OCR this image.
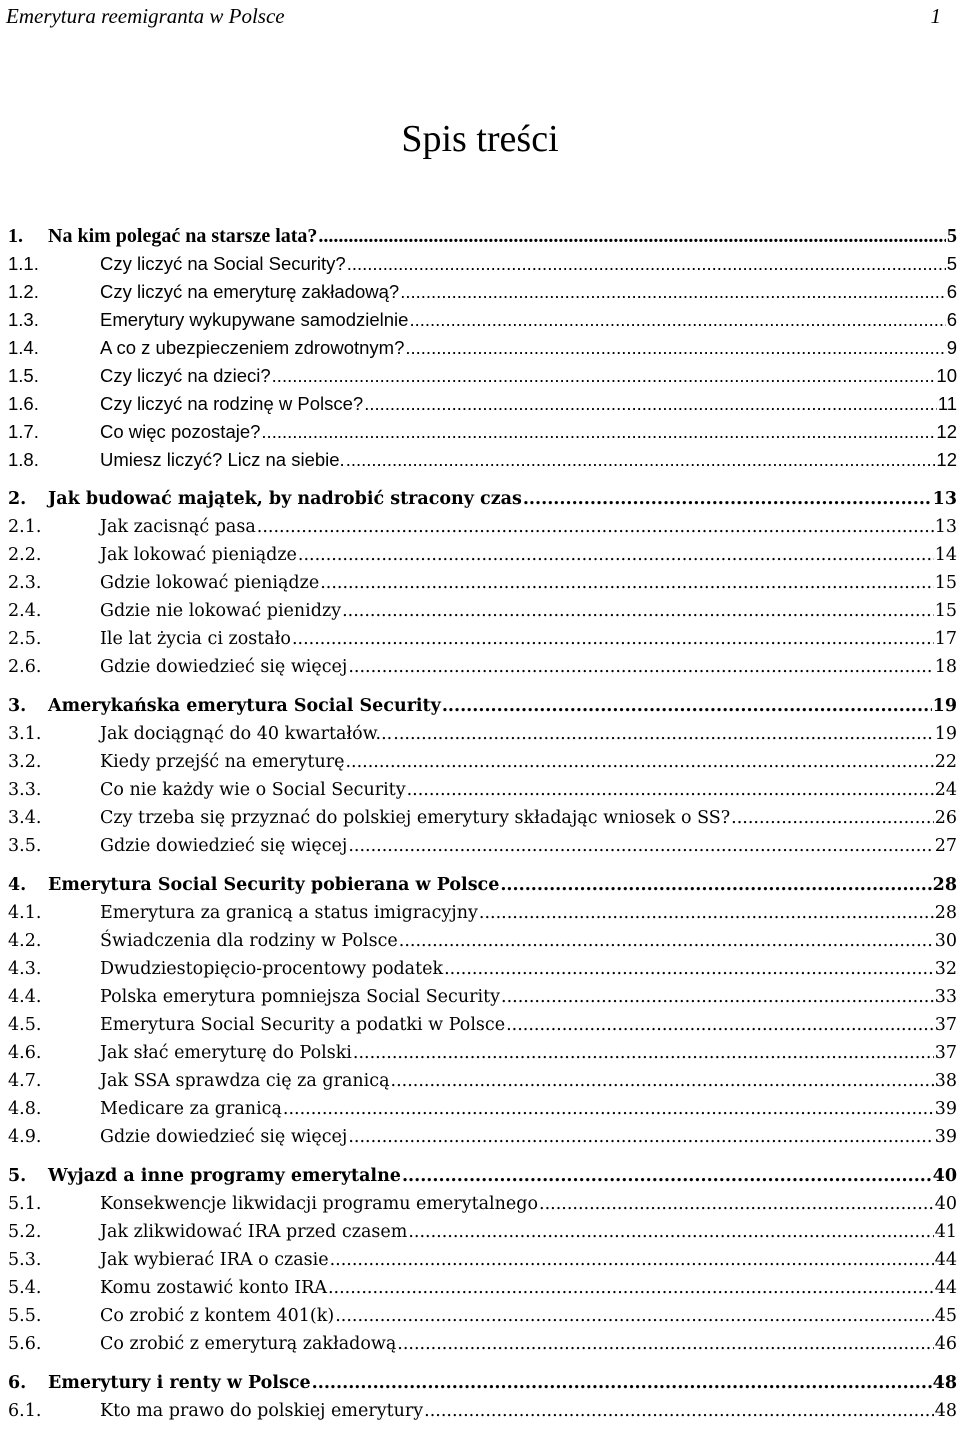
Emerytura reemigranta w Polsce	1
Spis treści
1. Na kim polegać na starsze lata? .....	5
1.1.	Czy liczyć na Social Security? .....	5
1.2.	Czy liczyć na emeryturę zakładową? .....	6
1.3.	Emerytury wykupywane samodzielnie .....	6
1.4.	A co z ubezpieczeniem zdrowotnym? .....	9
1.5.	Czy liczyć na dzieci? .....	10
1.6.	Czy liczyć na rodzinę w Polsce? .....	11
1.7.	Co więc pozostaje? .....	12
1.8.	Umiesz liczyć? Licz na siebie. .....	12
2. Jak budować majątek, by nadrobić stracony czas .....	13
2.1.	Jak zacisnąć pasa .....	13
2.2.	Jak lokować pieniądze .....	14
2.3.	Gdzie lokować pieniądze .....	15
2.4.	Gdzie nie lokować pienidzy .....	15
2.5.	Ile lat życia ci zostało .....	17
2.6.	Gdzie dowiedzieć się więcej .....	18
3. Amerykańska emerytura Social Security .....	19
3.1.	Jak dociągnąć do 40 kwartałów... .....	19
3.2.	Kiedy przejść na emeryturę .....	22
3.3.	Co nie każdy wie o Social Security .....	24
3.4.	Czy trzeba się przyznać do polskiej emerytury składając wniosek o SS? .....	26
3.5.	Gdzie dowiedzieć się więcej .....	27
4. Emerytura Social Security pobierana w Polsce .....	28
4.1.	Emerytura za granicą a status imigracyjny .....	28
4.2.	Świadczenia dla rodziny w Polsce .....	30
4.3.	Dwudziestopięcio-procentowy podatek .....	32
4.4.	Polska emerytura pomniejsza Social Security .....	33
4.5.	Emerytura Social Security a podatki w Polsce .....	37
4.6.	Jak słać emeryturę do Polski .....	37
4.7.	Jak SSA sprawdza cię za granicą .....	38
4.8.	Medicare za granicą .....	39
4.9.	Gdzie dowiedzieć się więcej .....	39
5. Wyjazd a inne programy emerytalne .....	40
5.1.	Konsekwencje likwidacji programu emerytalnego .....	40
5.2.	Jak zlikwidować IRA przed czasem .....	41
5.3.	Jak wybierać IRA o czasie .....	44
5.4.	Komu zostawić konto IRA .....	44
5.5.	Co zrobić z kontem 401(k) .....	45
5.6.	Co zrobić z emeryturą zakładową .....	46
6. Emerytury i renty w Polsce .....	48
6.1.	Kto ma prawo do polskiej emerytury .....	48
